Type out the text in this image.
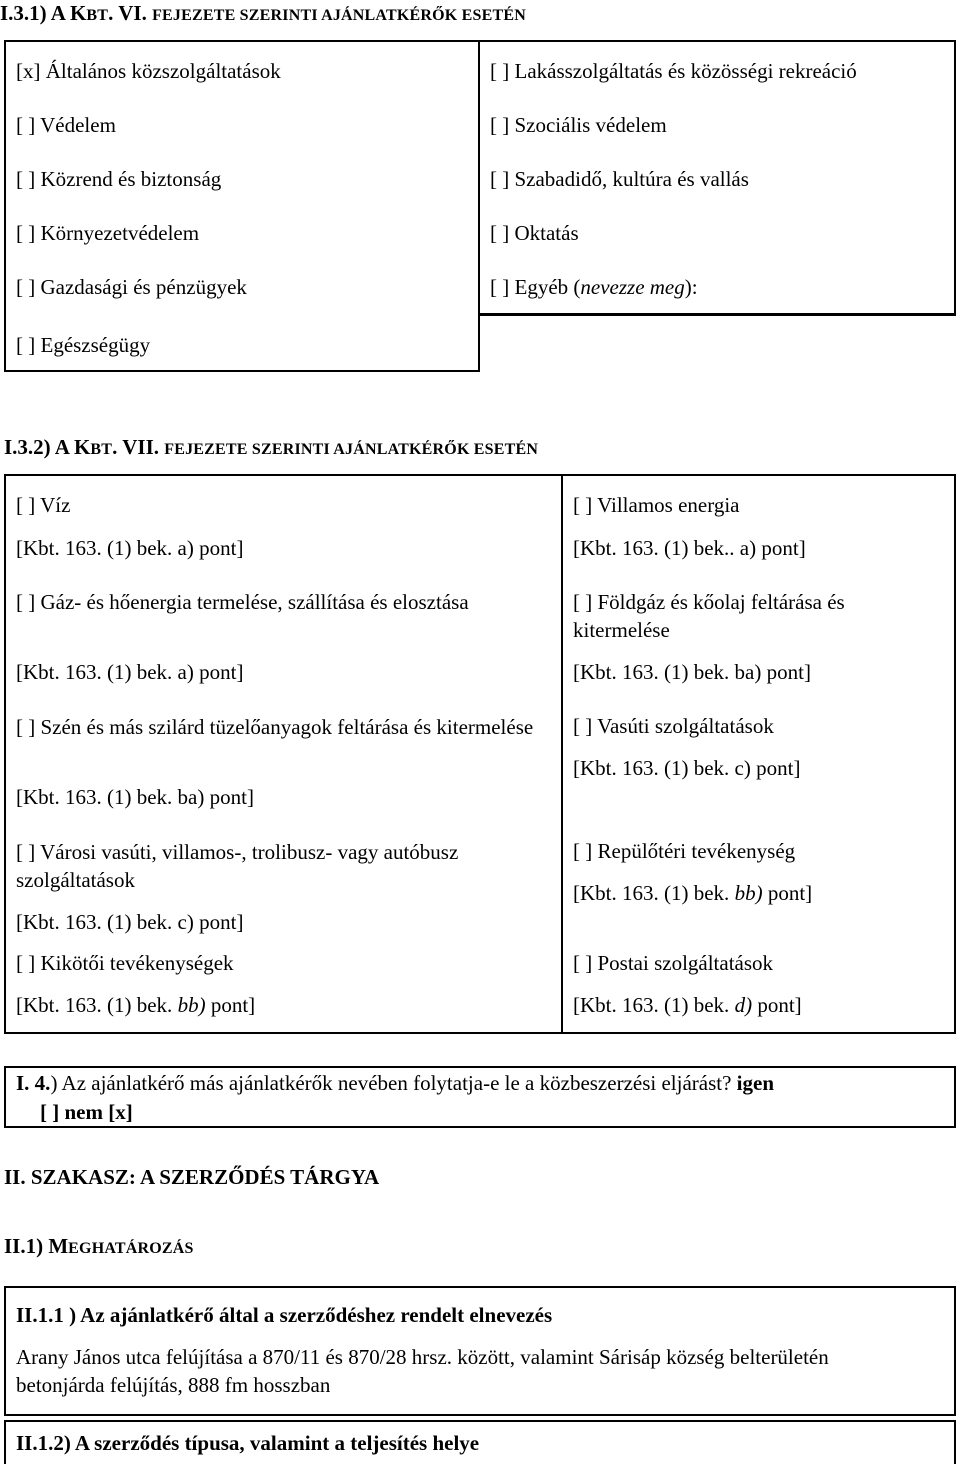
I.3.1) A KBT. VI. FEJEZETE SZERINTI AJÁNLATKÉRŐK ESETÉN
[x] Általános közszolgáltatások
[ ] Védelem
[ ] Közrend és biztonság
[ ] Környezetvédelem
[ ] Gazdasági és pénzügyek
[ ] Egészségügy
[ ] Lakásszolgáltatás és közösségi rekreáció
[ ] Szociális védelem
[ ] Szabadidő, kultúra és vallás
[ ] Oktatás
[ ] Egyéb (nevezze meg):
I.3.2) A KBT. VII. FEJEZETE SZERINTI AJÁNLATKÉRŐK ESETÉN
[ ] Víz
[Kbt. 163. (1) bek. a) pont]
[ ] Gáz- és hőenergia termelése, szállítása és elosztása
[Kbt. 163. (1) bek. a) pont]
[ ] Szén és más szilárd tüzelőanyagok feltárása és kitermelése
[Kbt. 163. (1) bek. ba) pont]
[ ] Városi vasúti, villamos-, trolibusz- vagy autóbusz szolgáltatások
[Kbt. 163. (1) bek. c) pont]
[ ] Kikötői tevékenységek
[Kbt. 163. (1) bek. bb) pont]
[ ] Villamos energia
[Kbt. 163. (1) bek.. a) pont]
[ ] Földgáz és kőolaj feltárása és kitermelése
[Kbt. 163. (1) bek. ba) pont]
[ ] Vasúti szolgáltatások
[Kbt. 163. (1) bek. c) pont]
[ ] Repülőtéri tevékenység
[Kbt. 163. (1) bek. bb) pont]
[ ] Postai szolgáltatások
[Kbt. 163. (1) bek. d) pont]
I. 4.) Az ajánlatkérő más ajánlatkérők nevében folytatja-e le a közbeszerzési eljárást? igen
[ ] nem [x]
II. SZAKASZ: A SZERZŐDÉS TÁRGYA
II.1) MEGHATÁROZÁS
II.1.1 ) Az ajánlatkérő által a szerződéshez rendelt elnevezés
Arany János utca felújítása a 870/11 és 870/28 hrsz. között, valamint Sárisáp község belterületén betonjárda felújítás, 888 fm hosszban
II.1.2) A szerződés típusa, valamint a teljesítés helye
